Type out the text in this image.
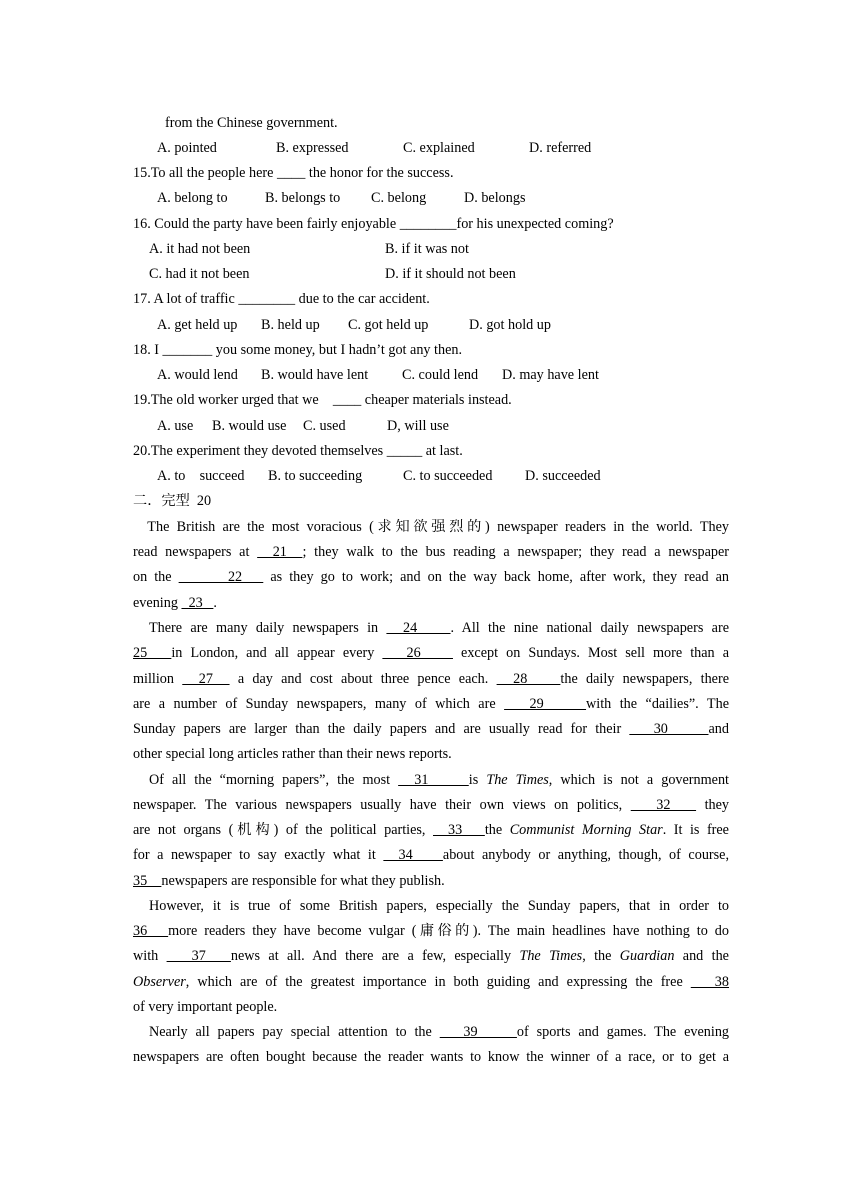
from the Chinese government.
A. pointed	B. expressed	C. explained	D. referred
15.To all the people here ____ the honor for the success.
A. belong to	B. belongs to C. belong	D. belongs
16. Could the party have been fairly enjoyable ________for his unexpected coming?
A. it had not been	B. if it was not
C. had it not been	D. if it should not been
17. A lot of traffic ________ due to the car accident.
A. get held up B. held up C. got held up	D. got hold up
18. I _______ you some money, but I hadn’t got any then.
A. would lend B. would have lent C. could lend D. may have lent
19.The old worker urged that we    ____ cheaper materials instead.
A. use B. would use C. used	D, will use
20.The experiment they devoted themselves _____ at last.
A. to    succeed B. to succeeding	C. to succeeded D. succeeded
二．完型  20
The British are the most voracious (求知欲强烈的) newspaper readers in the world. They
read newspapers at   21  ; they walk to the bus reading a newspaper; they read a newspaper
on the        22    as they go to work; and on the way back home, after work, they read an
evening   23   .
There are many daily newspapers in   24    . All the nine national daily newspapers are
25   in London, and all appear every    26     except on Sundays. Most sell more than a
million   27   a day and cost about three pence each.   28    the daily newspapers, there
are a number of Sunday newspapers, many of which are    29     with the “dailies”. The
Sunday papers are larger than the daily papers and are usually read for their    30     and
other special long articles rather than their news reports.
Of all the “morning papers”, the most   31     is The Times, which is not a government
newspaper. The various newspapers usually have their own views on politics,    32    they
are not organs (机构) of the political parties,   33   the Communist Morning Star. It is free
for a newspaper to say exactly what it   34    about anybody or anything, though, of course,
35    newspapers are responsible for what they publish.
However, it is true of some British papers, especially the Sunday papers, that in order to
36   more readers they have become vulgar (庸俗的). The main headlines have nothing to do
with    37   news at all. And there are a few, especially The Times, the Guardian and the
Observer, which are of the greatest importance in both guiding and expressing the free    38
of very important people.
Nearly all papers pay special attention to the    39     of sports and games. The evening
newspapers are often bought because the reader wants to know the winner of a race, or to get a
